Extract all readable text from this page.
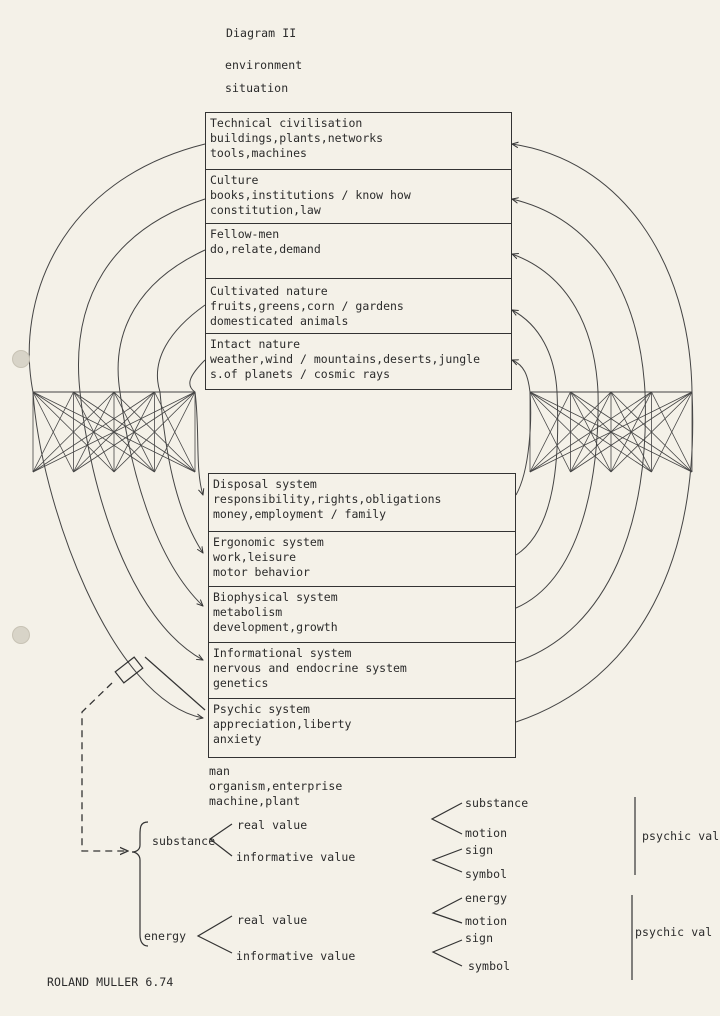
Diagram II
environment
situation
Technical civilisation
buildings,plants,networks
tools,machines
Culture
books,institutions / know how
constitution,law
Fellow-men
do,relate,demand
Cultivated nature
fruits,greens,corn / gardens
domesticated animals
Intact nature
weather,wind / mountains,deserts,jungle
s.of planets / cosmic rays
Disposal system
responsibility,rights,obligations
money,employment / family
Ergonomic system
work,leisure
motor behavior
Biophysical system
metabolism
development,growth
Informational system
nervous and endocrine system
genetics
Psychic system
appreciation,liberty
anxiety
man
organism,enterprise
machine,plant
substance
energy
real value
informative value
real value
informative value
substance
motion
sign
symbol
energy
motion
sign
symbol
psychic val
psychic val
ROLAND MULLER 6.74
